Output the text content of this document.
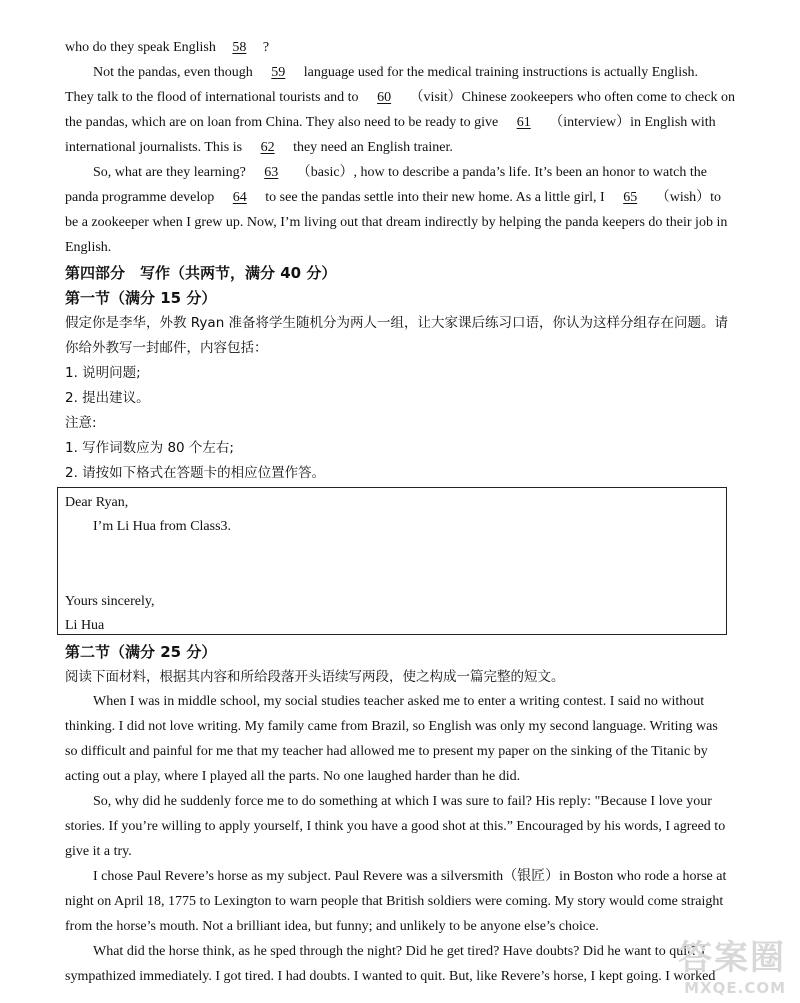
who do they speak English 58 ?
Not the pandas, even though 59 language used for the medical training instructions is actually English.
They talk to the flood of international tourists and to 60 （visit）Chinese zookeepers who often come to check on
the pandas, which are on loan from China. They also need to be ready to give 61 （interview）in English with
international journalists. This is 62 they need an English trainer.
So, what are they learning? 63 （basic）, how to describe a panda’s life. It’s been an honor to watch the
panda programme develop 64 to see the pandas settle into their new home. As a little girl, I 65 （wish）to
be a zookeeper when I grew up. Now, I’m living out that dream indirectly by helping the panda keepers do their job in
English.
第四部分　写作（共两节，满分 40 分）
第一节（满分 15 分）
假定你是李华，外教 Ryan 准备将学生随机分为两人一组，让大家课后练习口语，你认为这样分组存在问题。请
你给外教写一封邮件，内容包括：
1. 说明问题;
2. 提出建议。
注意:
1. 写作词数应为 80 个左右;
2. 请按如下格式在答题卡的相应位置作答。
Dear Ryan,
I’m Li Hua from Class3.
Yours sincerely,
Li Hua
第二节（满分 25 分）
阅读下面材料，根据其内容和所给段落开头语续写两段，使之构成一篇完整的短文。
When I was in middle school, my social studies teacher asked me to enter a writing contest. I said no without
thinking. I did not love writing. My family came from Brazil, so English was only my second language. Writing was
so difficult and painful for me that my teacher had allowed me to present my paper on the sinking of the Titanic by
acting out a play, where I played all the parts. No one laughed harder than he did.
So, why did he suddenly force me to do something at which I was sure to fail? His reply: "Because I love your
stories. If you’re willing to apply yourself, I think you have a good shot at this.” Encouraged by his words, I agreed to
give it a try.
I chose Paul Revere’s horse as my subject. Paul Revere was a silversmith（银匠）in Boston who rode a horse at
night on April 18, 1775 to Lexington to warn people that British soldiers were coming. My story would come straight
from the horse’s mouth. Not a brilliant idea, but funny; and unlikely to be anyone else’s choice.
What did the horse think, as he sped through the night? Did he get tired? Have doubts? Did he want to quit? I
sympathized immediately. I got tired. I had doubts. I wanted to quit. But, like Revere’s horse, I kept going. I worked
答案圈
MXQE.COM
